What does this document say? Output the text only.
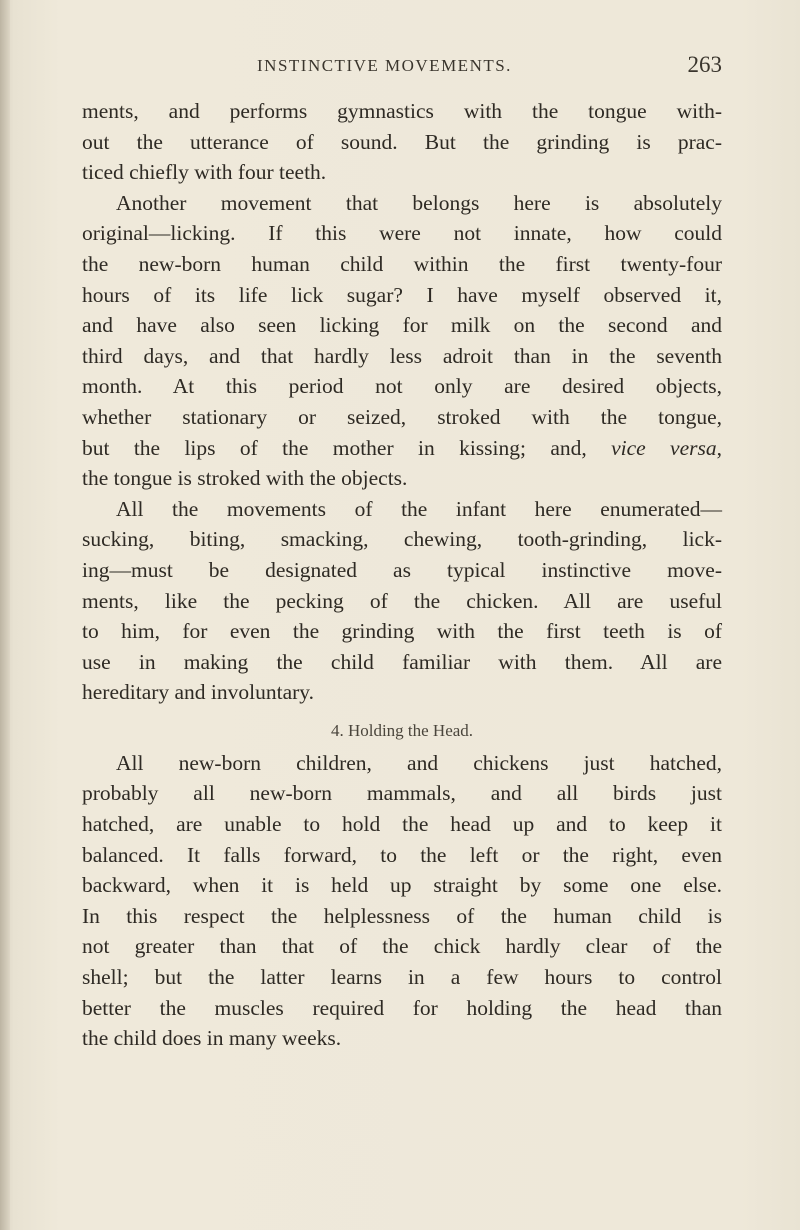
INSTINCTIVE MOVEMENTS.	263
ments, and performs gymnastics with the tongue with-
out the utterance of sound. But the grinding is prac-
ticed chiefly with four teeth.
Another movement that belongs here is absolutely
original—licking. If this were not innate, how could
the new-born human child within the first twenty-four
hours of its life lick sugar? I have myself observed it,
and have also seen licking for milk on the second and
third days, and that hardly less adroit than in the seventh
month. At this period not only are desired objects,
whether stationary or seized, stroked with the tongue,
but the lips of the mother in kissing; and, vice versa,
the tongue is stroked with the objects.
All the movements of the infant here enumerated—
sucking, biting, smacking, chewing, tooth-grinding, lick-
ing—must be designated as typical instinctive move-
ments, like the pecking of the chicken. All are useful
to him, for even the grinding with the first teeth is of
use in making the child familiar with them. All are
hereditary and involuntary.
4. Holding the Head.
All new-born children, and chickens just hatched,
probably all new-born mammals, and all birds just
hatched, are unable to hold the head up and to keep it
balanced. It falls forward, to the left or the right, even
backward, when it is held up straight by some one else.
In this respect the helplessness of the human child is
not greater than that of the chick hardly clear of the
shell; but the latter learns in a few hours to control
better the muscles required for holding the head than
the child does in many weeks.
